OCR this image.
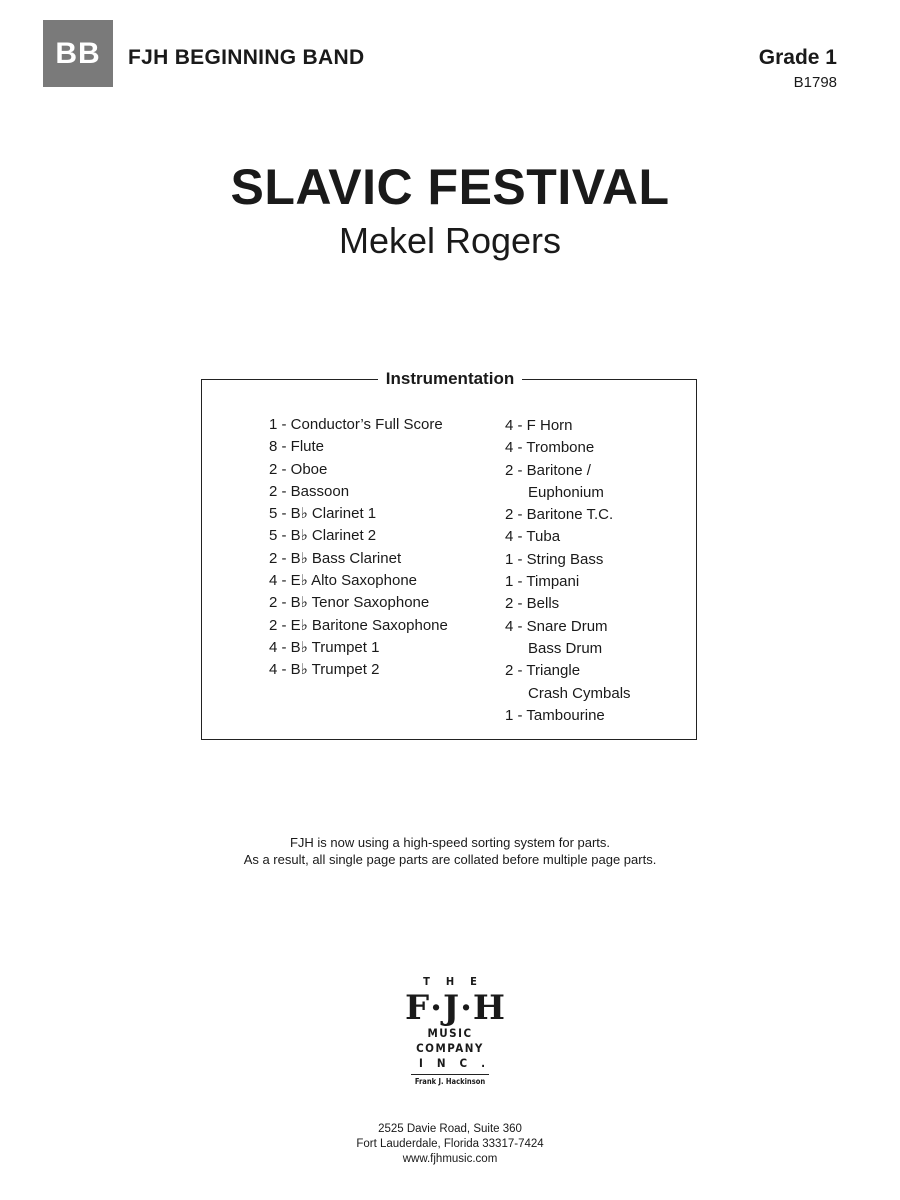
BB	FJH BEGINNING BAND	Grade 1
B1798
SLAVIC FESTIVAL
Mekel Rogers
Instrumentation
1 - Conductor’s Full Score
8 - Flute
2 - Oboe
2 - Bassoon
5 - B♭ Clarinet 1
5 - B♭ Clarinet 2
2 - B♭ Bass Clarinet
4 - E♭ Alto Saxophone
2 - B♭ Tenor Saxophone
2 - E♭ Baritone Saxophone
4 - B♭ Trumpet 1
4 - B♭ Trumpet 2
4 - F Horn
4 - Trombone
2 - Baritone /
Euphonium
2 - Baritone T.C.
4 - Tuba
1 - String Bass
1 - Timpani
2 - Bells
4 - Snare Drum
Bass Drum
2 - Triangle
Crash Cymbals
1 - Tambourine
FJH is now using a high-speed sorting system for parts.
As a result, all single page parts are collated before multiple page parts.
THE
F·J·H
MUSIC
COMPANY
INC.
Frank J. Hackinson
2525 Davie Road, Suite 360
Fort Lauderdale, Florida 33317-7424
www.fjhmusic.com
